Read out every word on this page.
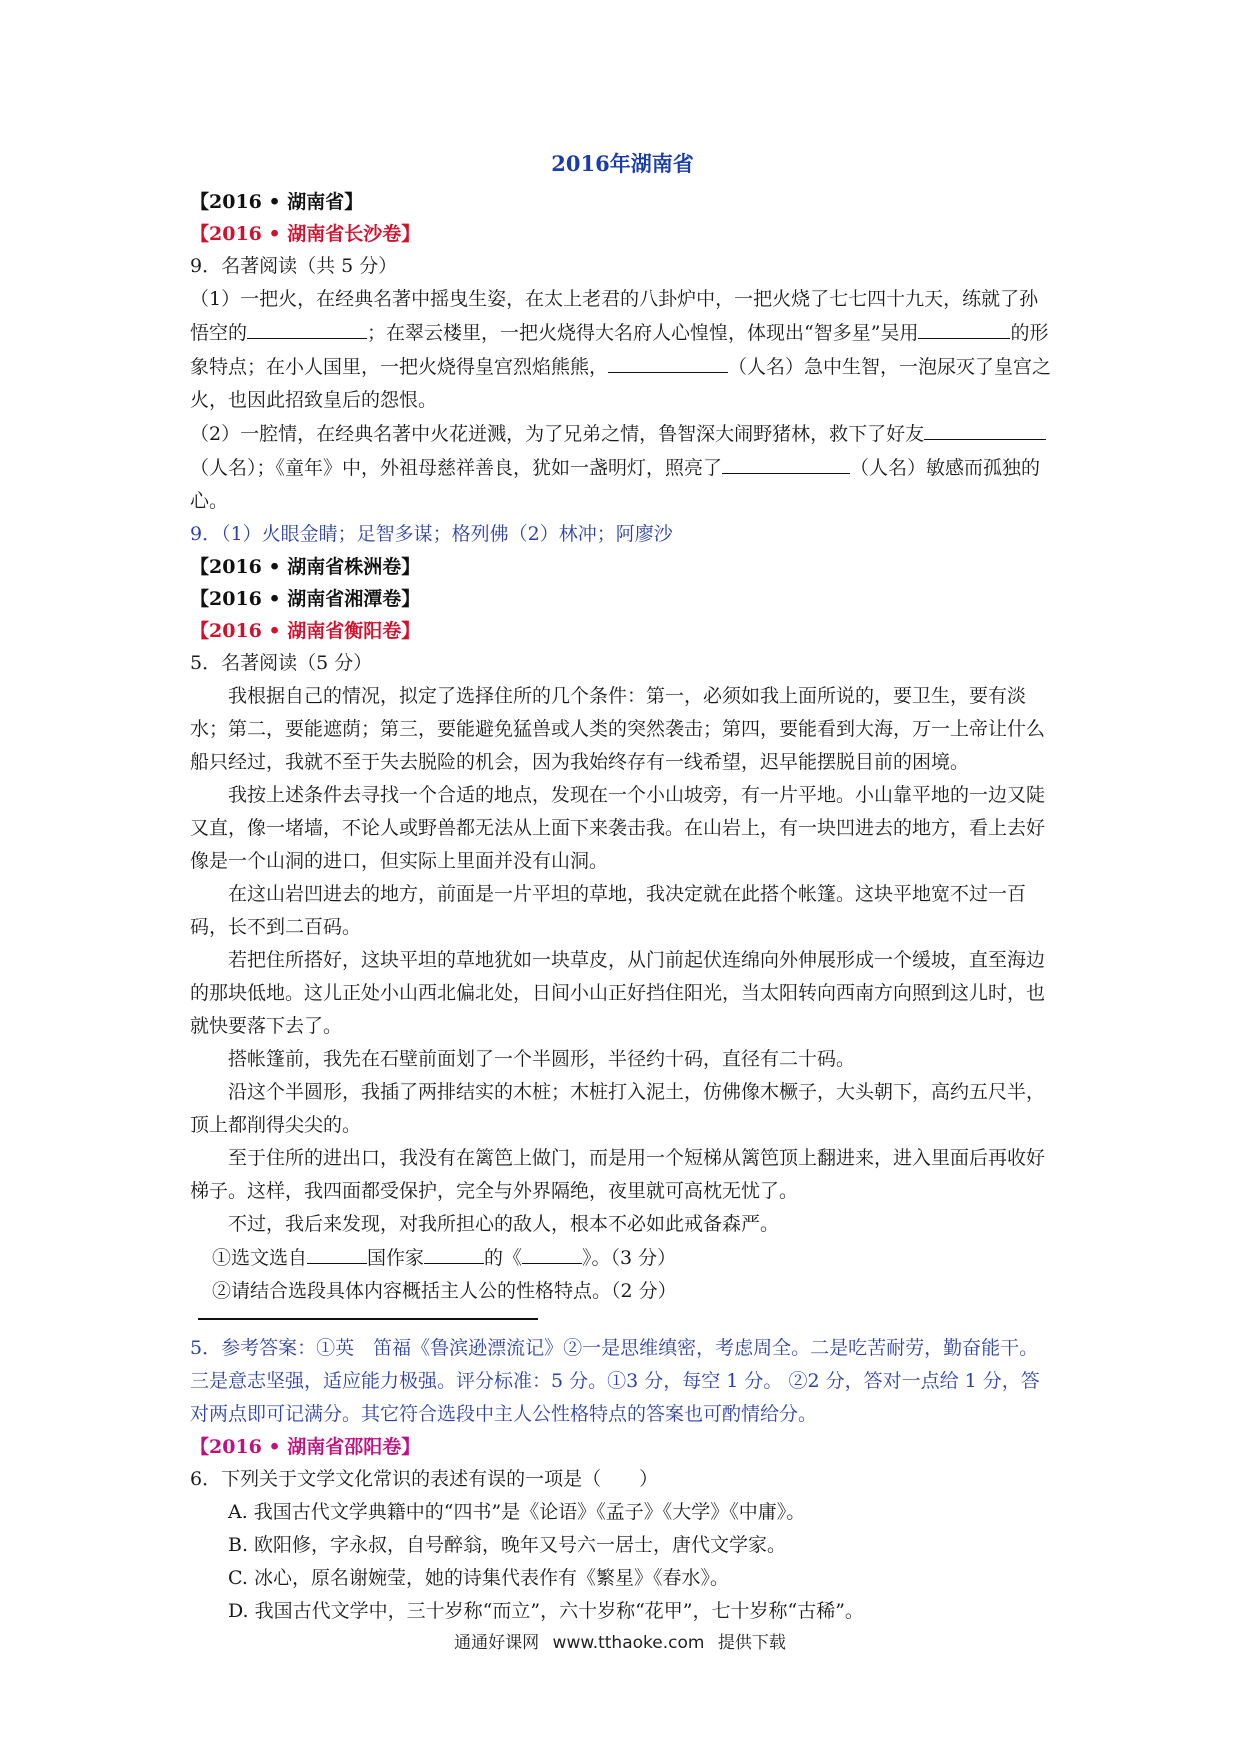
2016年湖南省
【2016 • 湖南省】
【2016 • 湖南省长沙卷】

9．名著阅读（共 5 分）

（1）一把火，在经典名著中摇曳生姿，在太上老君的八卦炉中，一把火烧了七七四十九天，练就了孙悟空的	；在翠云楼里，一把火烧得大名府人心惶惶，体现出“智多星”吴用	的形象特点；在小人国里，一把火烧得皇宫烈焰熊熊，	（人名）急中生智，一泡尿灭了皇宫之火，也因此招致皇后的怨恨。

（2）一腔情，在经典名著中火花迸溅，为了兄弟之情，鲁智深大闹野猪林，救下了好友（人名）；《童年》中，外祖母慈祥善良，犹如一盏明灯，照亮了	（人名）敏感而孤独的心。

9．（1）火眼金睛；足智多谋；格列佛（2）林冲；阿廖沙

【2016 • 湖南省株洲卷】
【2016 • 湖南省湘潭卷】
【2016 • 湖南省衡阳卷】

5．名著阅读（5 分）

我根据自己的情况，拟定了选择住所的几个条件：第一，必须如我上面所说的，要卫生，要有淡水；第二，要能遮荫；第三，要能避免猛兽或人类的突然袭击；第四，要能看到大海，万一上帝让什么船只经过，我就不至于失去脱险的机会，因为我始终存有一线希望，迟早能摆脱目前的困境。

我按上述条件去寻找一个合适的地点，发现在一个小山坡旁，有一片平地。小山靠平地的一边又陡又直，像一堵墙，不论人或野兽都无法从上面下来袭击我。在山岩上，有一块凹进去的地方，看上去好像是一个山洞的进口，但实际上里面并没有山洞。

在这山岩凹进去的地方，前面是一片平坦的草地，我决定就在此搭个帐篷。这块平地宽不过一百码，长不到二百码。

若把住所搭好，这块平坦的草地犹如一块草皮，从门前起伏连绵向外伸展形成一个缓坡，直至海边的那块低地。这儿正处小山西北偏北处，日间小山正好挡住阳光，当太阳转向西南方向照到这儿时，也就快要落下去了。

搭帐篷前，我先在石壁前面划了一个半圆形，半径约十码，直径有二十码。

沿这个半圆形，我插了两排结实的木桩；木桩打入泥土，仿佛像木橛子，大头朝下，高约五尺半，顶上都削得尖尖的。

至于住所的进出口，我没有在篱笆上做门，而是用一个短梯从篱笆顶上翻进来，进入里面后再收好梯子。这样，我四面都受保护，完全与外界隔绝，夜里就可高枕无忧了。

不过，我后来发现，对我所担心的敌人，根本不必如此戒备森严。

①选文选自	国作家	的《	》。（3 分）

②请结合选段具体内容概括主人公的性格特点。（2 分）

5．参考答案：①英　笛福《鲁滨逊漂流记》②一是思维缜密，考虑周全。二是吃苦耐劳，勤奋能干。三是意志坚强，适应能力极强。评分标准：5 分。①3 分，每空 1 分。 ②2 分，答对一点给 1 分，答对两点即可记满分。其它符合选段中主人公性格特点的答案也可酌情给分。

【2016 • 湖南省邵阳卷】

6．下列关于文学文化常识的表述有误的一项是（　　）

A. 我国古代文学典籍中的“四书”是《论语》《孟子》《大学》《中庸》。

B. 欧阳修，字永叔，自号醉翁，晚年又号六一居士，唐代文学家。

C. 冰心，原名谢婉莹，她的诗集代表作有《繁星》《春水》。

D. 我国古代文学中，三十岁称“而立”，六十岁称“花甲”，七十岁称“古稀”。

通通好课网 www.tthaoke.com 提供下载
